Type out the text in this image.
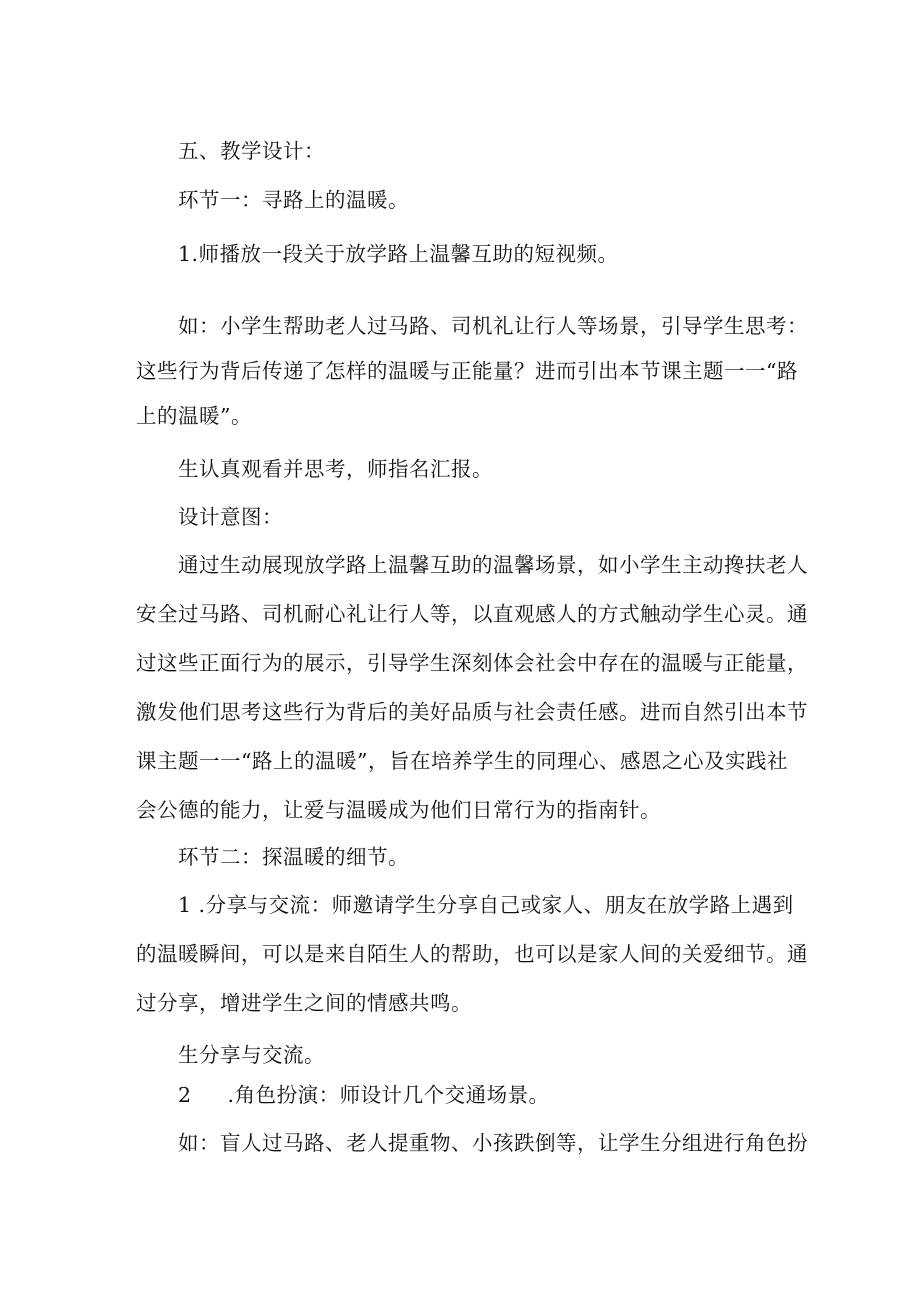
五、教学设计：
环节一：寻路上的温暖。
1.师播放一段关于放学路上温馨互助的短视频。
如：小学生帮助老人过马路、司机礼让行人等场景，引导学生思考：
这些行为背后传递了怎样的温暖与正能量？进而引出本节课主题一一“路
上的温暖”。
生认真观看并思考，师指名汇报。
设计意图：
通过生动展现放学路上温馨互助的温馨场景，如小学生主动搀扶老人
安全过马路、司机耐心礼让行人等，以直观感人的方式触动学生心灵。通
过这些正面行为的展示，引导学生深刻体会社会中存在的温暖与正能量，
激发他们思考这些行为背后的美好品质与社会责任感。进而自然引出本节
课主题一一“路上的温暖”，旨在培养学生的同理心、感恩之心及实践社
会公德的能力，让爱与温暖成为他们日常行为的指南针。
环节二：探温暖的细节。
1 .分享与交流：师邀请学生分享自己或家人、朋友在放学路上遇到
的温暖瞬间，可以是来自陌生人的帮助，也可以是家人间的关爱细节。通
过分享，增进学生之间的情感共鸣。
生分享与交流。
2 .角色扮演：师设计几个交通场景。
如：盲人过马路、老人提重物、小孩跌倒等，让学生分组进行角色扮
